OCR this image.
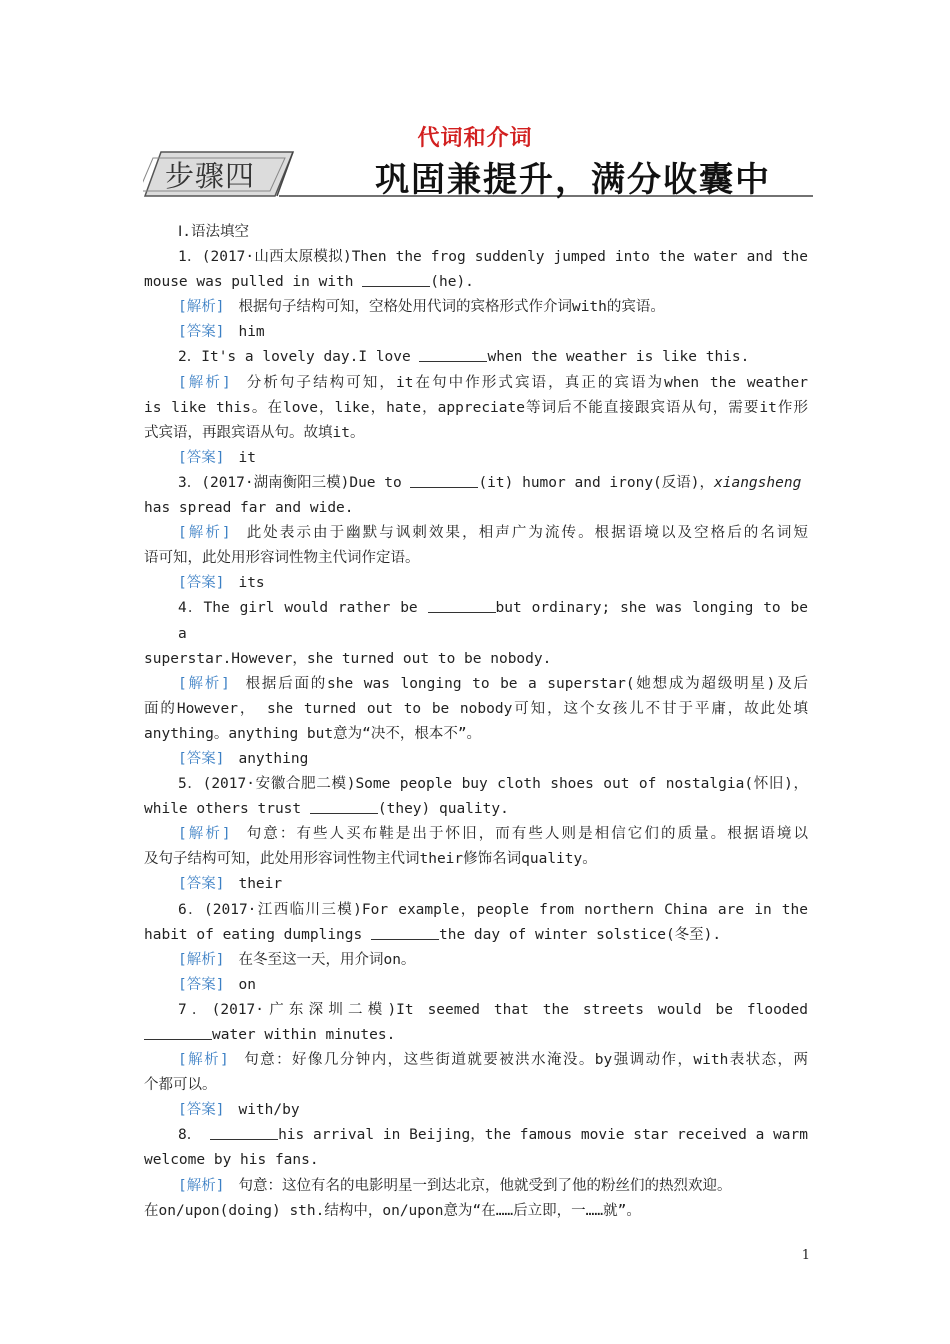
代词和介词
步骤四	巩固兼提升，满分收囊中
Ⅰ.语法填空
1．(2017·山西太原模拟)Then the frog suddenly jumped into the water and the
mouse was pulled in with	(he).
[解析] 根据句子结构可知，空格处用代词的宾格形式作介词with的宾语。
[答案] him
2．It's a lovely day.I love	when the weather is like this.
[解析] 分析句子结构可知，it在句中作形式宾语，真正的宾语为when the weather
is like this。在love，like，hate，appreciate等词后不能直接跟宾语从句，需要it作形
式宾语，再跟宾语从句。故填it。
[答案] it
3．(2017·湖南衡阳三模)Due to	(it) humor and irony(反语)，xiangsheng
has spread far and wide.
[解析] 此处表示由于幽默与讽刺效果，相声广为流传。根据语境以及空格后的名词短
语可知，此处用形容词性物主代词作定语。
[答案] its
4．The girl would rather be	but ordinary; she was longing to be a
superstar.However，she turned out to be nobody.
[解析] 根据后面的she was longing to be a superstar(她想成为超级明星)及后
面的However， she turned out to be nobody可知，这个女孩儿不甘于平庸，故此处填
anything。anything but意为“决不，根本不”。
[答案] anything
5．(2017·安徽合肥二模)Some people buy cloth shoes out of nostalgia(怀旧)，
while others trust	(they) quality.
[解析] 句意：有些人买布鞋是出于怀旧，而有些人则是相信它们的质量。根据语境以
及句子结构可知，此处用形容词性物主代词their修饰名词quality。
[答案] their
6．(2017·江西临川三模)For example，people from northern China are in the
habit of eating dumplings	the day of winter solstice(冬至).
[解析] 在冬至这一天，用介词on。
[答案] on
7．(2017·广东深圳二模)It seemed that the streets would be flooded
water within minutes.
[解析] 句意：好像几分钟内，这些街道就要被洪水淹没。by强调动作，with表状态，两
个都可以。
[答案] with/by
8．	his arrival in Beijing，the famous movie star received a warm
welcome by his fans.
[解析] 句意：这位有名的电影明星一到达北京，他就受到了他的粉丝们的热烈欢迎。
在on/upon(doing) sth.结构中，on/upon意为“在……后立即，一……就”。
1
